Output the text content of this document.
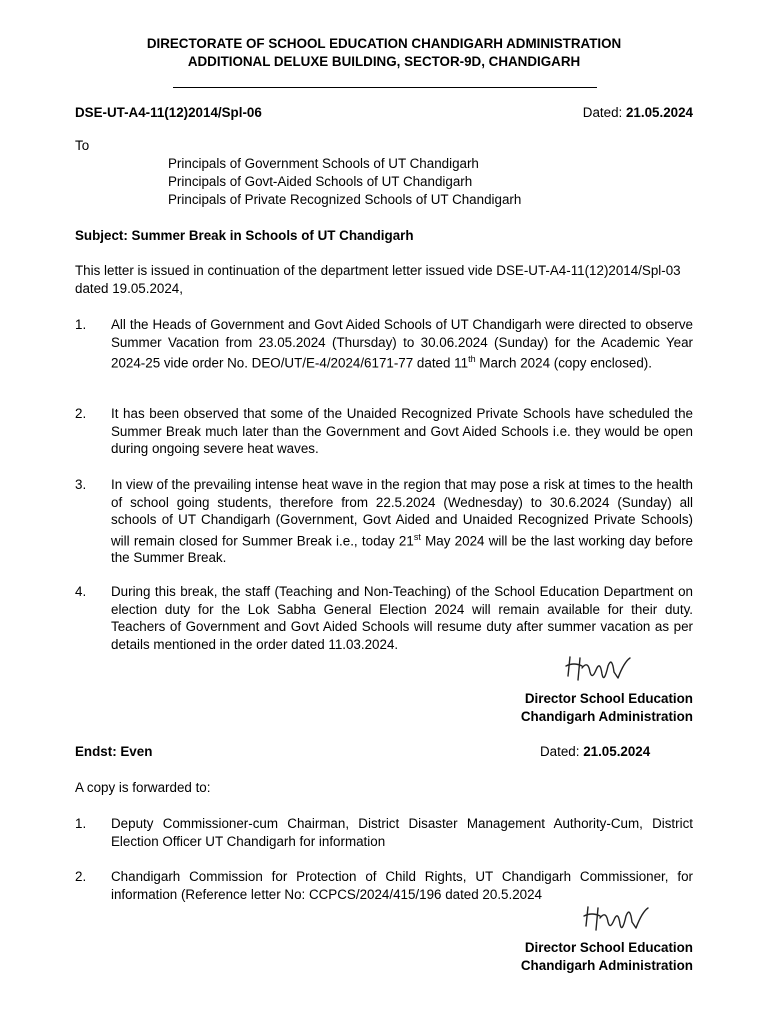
DIRECTORATE OF SCHOOL EDUCATION CHANDIGARH ADMINISTRATION
ADDITIONAL DELUXE BUILDING, SECTOR-9D, CHANDIGARH
DSE-UT-A4-11(12)2014/Spl-06	Dated: 21.05.2024
To
Principals of Government Schools of UT Chandigarh
Principals of Govt-Aided Schools of UT Chandigarh
Principals of Private Recognized Schools of UT Chandigarh
Subject: Summer Break in Schools of UT Chandigarh
This letter is issued in continuation of the department letter issued vide DSE-UT-A4-11(12)2014/Spl-03 dated 19.05.2024,
1. All the Heads of Government and Govt Aided Schools of UT Chandigarh were directed to observe Summer Vacation from 23.05.2024 (Thursday) to 30.06.2024 (Sunday) for the Academic Year 2024-25 vide order No. DEO/UT/E-4/2024/6171-77 dated 11th March 2024 (copy enclosed).
2. It has been observed that some of the Unaided Recognized Private Schools have scheduled the Summer Break much later than the Government and Govt Aided Schools i.e. they would be open during ongoing severe heat waves.
3. In view of the prevailing intense heat wave in the region that may pose a risk at times to the health of school going students, therefore from 22.5.2024 (Wednesday) to 30.6.2024 (Sunday) all schools of UT Chandigarh (Government, Govt Aided and Unaided Recognized Private Schools) will remain closed for Summer Break i.e., today 21st May 2024 will be the last working day before the Summer Break.
4. During this break, the staff (Teaching and Non-Teaching) of the School Education Department on election duty for the Lok Sabha General Election 2024 will remain available for their duty. Teachers of Government and Govt Aided Schools will resume duty after summer vacation as per details mentioned in the order dated 11.03.2024.
Director School Education
Chandigarh Administration
Endst: Even	Dated: 21.05.2024
A copy is forwarded to:
1. Deputy Commissioner-cum Chairman, District Disaster Management Authority-Cum, District Election Officer UT Chandigarh for information
2. Chandigarh Commission for Protection of Child Rights, UT Chandigarh Commissioner, for information (Reference letter No: CCPCS/2024/415/196 dated 20.5.2024
Director School Education
Chandigarh Administration
